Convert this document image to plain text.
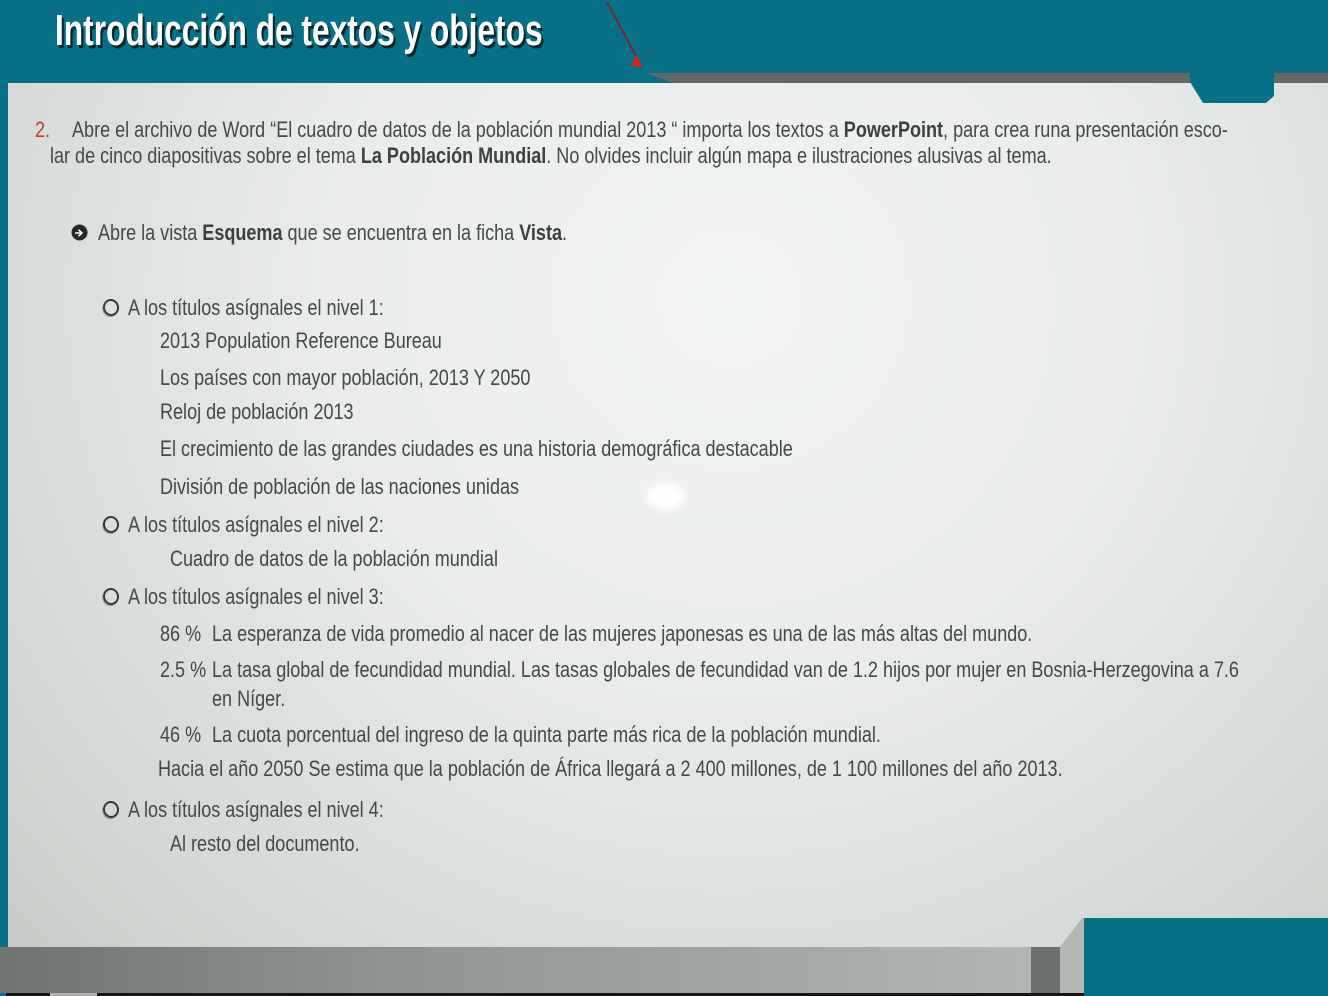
Introducción de textos y objetos
2. Abre el archivo de Word “El cuadro de datos de la población mundial 2013 “ importa los textos a PowerPoint, para crea runa presentación esco-
lar de cinco diapositivas sobre el tema La Población Mundial. No olvides incluir algún mapa e ilustraciones alusivas al tema.
Abre la vista Esquema que se encuentra en la ficha Vista.
A los títulos asígnales el nivel 1:
2013 Population Reference Bureau
Los países con mayor población, 2013 Y 2050
Reloj de población 2013
El crecimiento de las grandes ciudades es una historia demográfica destacable
División de población de las naciones unidas
A los títulos asígnales el nivel 2:
Cuadro de datos de la población mundial
A los títulos asígnales el nivel 3:
86 % La esperanza de vida promedio al nacer de las mujeres japonesas es una de las más altas del mundo.
2.5 % La tasa global de fecundidad mundial. Las tasas globales de fecundidad van de 1.2 hijos por mujer en Bosnia-Herzegovina a 7.6
en Níger.
46 % La cuota porcentual del ingreso de la quinta parte más rica de la población mundial.
Hacia el año 2050 Se estima que la población de África llegará a 2 400 millones, de 1 100 millones del año 2013.
A los títulos asígnales el nivel 4:
Al resto del documento.
